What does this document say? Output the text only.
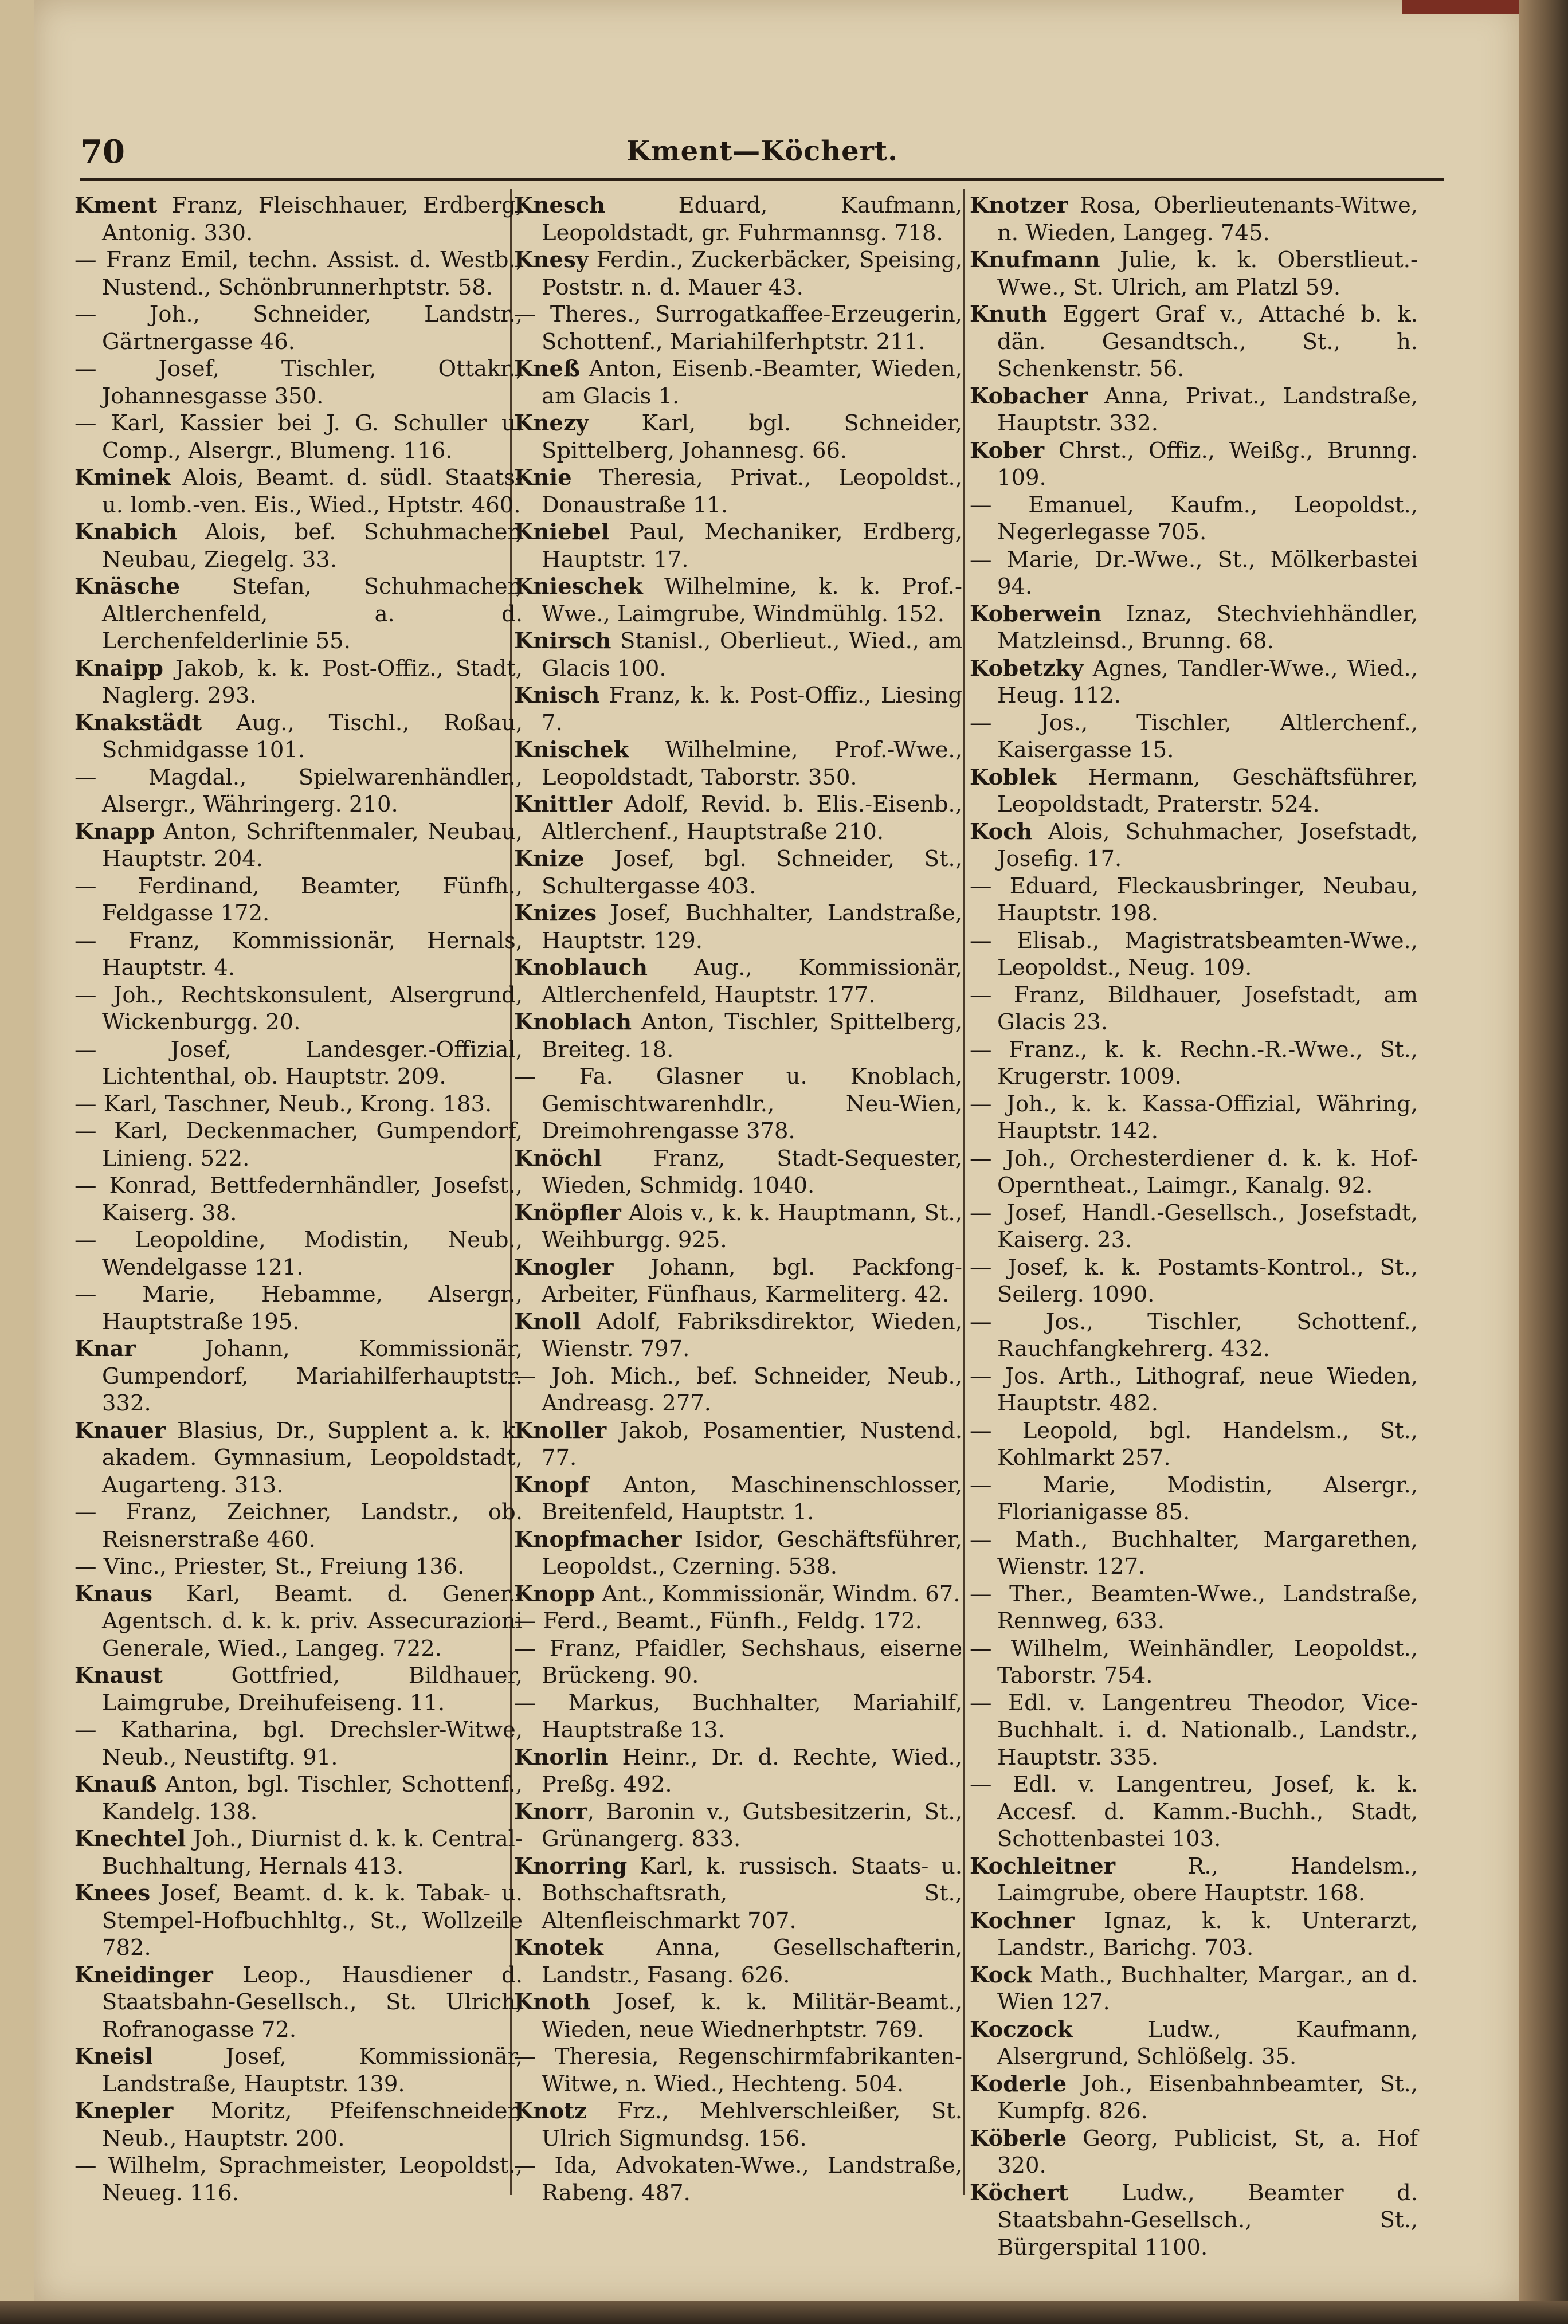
70	Kment—Köchert.

Kment Franz, Fleischhauer, Erdberg, Antonig. 330.

— Franz Emil, techn. Assist. d. Westb., Nustend., Schönbrunnerhptstr. 58.

— Joh., Schneider, Landstr., Gärtnergasse 46.

— Josef, Tischler, Ottakr., Johannesgasse 350.

— Karl, Kassier bei J. G. Schuller u. Comp., Alsergr., Blumeng. 116.

Kminek Alois, Beamt. d. südl. Staats- u. lomb.-ven. Eis., Wied., Hptstr. 460.

Knabich Alois, bef. Schuhmacher, Neubau, Ziegelg. 33.

Knäsche Stefan, Schuhmacher, Altlerchenfeld, a. d. Lerchenfelderlinie 55.

Knaipp Jakob, k. k. Post-Offiz., Stadt, Naglerg. 293.

Knakstädt Aug., Tischl., Roßau, Schmidgasse 101.

— Magdal., Spielwarenhändler., Alsergr., Währingerg. 210.

Knapp Anton, Schriftenmaler, Neubau, Hauptstr. 204.

— Ferdinand, Beamter, Fünfh., Feldgasse 172.

— Franz, Kommissionär, Hernals, Hauptstr. 4.

— Joh., Rechtskonsulent, Alsergrund, Wickenburgg. 20.

— Josef, Landesger.-Offizial, Lichtenthal, ob. Hauptstr. 209.

— Karl, Taschner, Neub., Krong. 183.

— Karl, Deckenmacher, Gumpendorf, Linieng. 522.

— Konrad, Bettfedernhändler, Josefst., Kaiserg. 38.

— Leopoldine, Modistin, Neub., Wendelgasse 121.

— Marie, Hebamme, Alsergr., Hauptstraße 195.

Knar Johann, Kommissionär, Gumpendorf, Mariahilferhauptstr. 332.

Knauer Blasius, Dr., Supplent a. k. k. akadem. Gymnasium, Leopoldstadt, Augarteng. 313.

— Franz, Zeichner, Landstr., ob. Reisnerstraße 460.

— Vinc., Priester, St., Freiung 136.

Knaus Karl, Beamt. d. Gener.-Agentsch. d. k. k. priv. Assecurazioni Generale, Wied., Langeg. 722.

Knaust Gottfried, Bildhauer, Laimgrube, Dreihufeiseng. 11.

— Katharina, bgl. Drechsler-Witwe, Neub., Neustiftg. 91.

Knauß Anton, bgl. Tischler, Schottenf., Kandelg. 138.

Knechtel Joh., Diurnist d. k. k. Central-Buchhaltung, Hernals 413.

Knees Josef, Beamt. d. k. k. Tabak- u. Stempel-Hofbuchhltg., St., Wollzeile 782.

Kneidinger Leop., Hausdiener d. Staatsbahn-Gesellsch., St. Ulrich, Rofranogasse 72.

Kneisl Josef, Kommissionär, Landstraße, Hauptstr. 139.

Knepler Moritz, Pfeifenschneider, Neub., Hauptstr. 200.

— Wilhelm, Sprachmeister, Leopoldst., Neueg. 116.

Knesch Eduard, Kaufmann, Leopoldstadt, gr. Fuhrmannsg. 718.

Knesy Ferdin., Zuckerbäcker, Speising, Poststr. n. d. Mauer 43.

— Theres., Surrogatkaffee-Erzeugerin, Schottenf., Mariahilferhptstr. 211.

Kneß Anton, Eisenb.-Beamter, Wieden, am Glacis 1.

Knezy Karl, bgl. Schneider, Spittelberg, Johannesg. 66.

Knie Theresia, Privat., Leopoldst., Donaustraße 11.

Kniebel Paul, Mechaniker, Erdberg, Hauptstr. 17.

Knieschek Wilhelmine, k. k. Prof.-Wwe., Laimgrube, Windmühlg. 152.

Knirsch Stanisl., Oberlieut., Wied., am Glacis 100.

Knisch Franz, k. k. Post-Offiz., Liesing 7.

Knischek Wilhelmine, Prof.-Wwe., Leopoldstadt, Taborstr. 350.

Knittler Adolf, Revid. b. Elis.-Eisenb., Altlerchenf., Hauptstraße 210.

Knize Josef, bgl. Schneider, St., Schultergasse 403.

Knizes Josef, Buchhalter, Landstraße, Hauptstr. 129.

Knoblauch Aug., Kommissionär, Altlerchenfeld, Hauptstr. 177.

Knoblach Anton, Tischler, Spittelberg, Breiteg. 18.

— Fa. Glasner u. Knoblach, Gemischtwarenhdlr., Neu-Wien, Dreimohrengasse 378.

Knöchl Franz, Stadt-Sequester, Wieden, Schmidg. 1040.

Knöpfler Alois v., k. k. Hauptmann, St., Weihburgg. 925.

Knogler Johann, bgl. Packfong-Arbeiter, Fünfhaus, Karmeliterg. 42.

Knoll Adolf, Fabriksdirektor, Wieden, Wienstr. 797.

— Joh. Mich., bef. Schneider, Neub., Andreasg. 277.

Knoller Jakob, Posamentier, Nustend. 77.

Knopf Anton, Maschinenschlosser, Breitenfeld, Hauptstr. 1.

Knopfmacher Isidor, Geschäftsführer, Leopoldst., Czerning. 538.

Knopp Ant., Kommissionär, Windm. 67.

— Ferd., Beamt., Fünfh., Feldg. 172.

— Franz, Pfaidler, Sechshaus, eiserne Brückeng. 90.

— Markus, Buchhalter, Mariahilf, Hauptstraße 13.

Knorlin Heinr., Dr. d. Rechte, Wied., Preßg. 492.

Knorr, Baronin v., Gutsbesitzerin, St., Grünangerg. 833.

Knorring Karl, k. russisch. Staats- u. Bothschaftsrath, St., Altenfleischmarkt 707.

Knotek Anna, Gesellschafterin, Landstr., Fasang. 626.

Knoth Josef, k. k. Militär-Beamt., Wieden, neue Wiednerhptstr. 769.

— Theresia, Regenschirmfabrikanten-Witwe, n. Wied., Hechteng. 504.

Knotz Frz., Mehlverschleißer, St. Ulrich Sigmundsg. 156.

— Ida, Advokaten-Wwe., Landstraße, Rabeng. 487.

Knotzer Rosa, Oberlieutenants-Witwe, n. Wieden, Langeg. 745.

Knufmann Julie, k. k. Oberstlieut.-Wwe., St. Ulrich, am Platzl 59.

Knuth Eggert Graf v., Attaché b. k. dän. Gesandtsch., St., h. Schenkenstr. 56.

Kobacher Anna, Privat., Landstraße, Hauptstr. 332.

Kober Chrst., Offiz., Weißg., Brunng. 109.

— Emanuel, Kaufm., Leopoldst., Negerlegasse 705.

— Marie, Dr.-Wwe., St., Mölkerbastei 94.

Koberwein Iznaz, Stechviehhändler, Matzleinsd., Brunng. 68.

Kobetzky Agnes, Tandler-Wwe., Wied., Heug. 112.

— Jos., Tischler, Altlerchenf., Kaisergasse 15.

Koblek Hermann, Geschäftsführer, Leopoldstadt, Praterstr. 524.

Koch Alois, Schuhmacher, Josefstadt, Josefig. 17.

— Eduard, Fleckausbringer, Neubau, Hauptstr. 198.

— Elisab., Magistratsbeamten-Wwe., Leopoldst., Neug. 109.

— Franz, Bildhauer, Josefstadt, am Glacis 23.

— Franz., k. k. Rechn.-R.-Wwe., St., Krugerstr. 1009.

— Joh., k. k. Kassa-Offizial, Währing, Hauptstr. 142.

— Joh., Orchesterdiener d. k. k. Hof-Operntheat., Laimgr., Kanalg. 92.

— Josef, Handl.-Gesellsch., Josefstadt, Kaiserg. 23.

— Josef, k. k. Postamts-Kontrol., St., Seilerg. 1090.

— Jos., Tischler, Schottenf., Rauchfangkehrerg. 432.

— Jos. Arth., Lithograf, neue Wieden, Hauptstr. 482.

— Leopold, bgl. Handelsm., St., Kohlmarkt 257.

— Marie, Modistin, Alsergr., Florianigasse 85.

— Math., Buchhalter, Margarethen, Wienstr. 127.

— Ther., Beamten-Wwe., Landstraße, Rennweg, 633.

— Wilhelm, Weinhändler, Leopoldst., Taborstr. 754.

— Edl. v. Langentreu Theodor, Vice-Buchhalt. i. d. Nationalb., Landstr., Hauptstr. 335.

— Edl. v. Langentreu, Josef, k. k. Accesf. d. Kamm.-Buchh., Stadt, Schottenbastei 103.

Kochleitner R., Handelsm., Laimgrube, obere Hauptstr. 168.

Kochner Ignaz, k. k. Unterarzt, Landstr., Barichg. 703.

Kock Math., Buchhalter, Margar., an d. Wien 127.

Koczock Ludw., Kaufmann, Alsergrund, Schlößelg. 35.

Koderle Joh., Eisenbahnbeamter, St., Kumpfg. 826.

Köberle Georg, Publicist, St, a. Hof 320.

Köchert Ludw., Beamter d. Staatsbahn-Gesellsch., St., Bürgerspital 1100.
